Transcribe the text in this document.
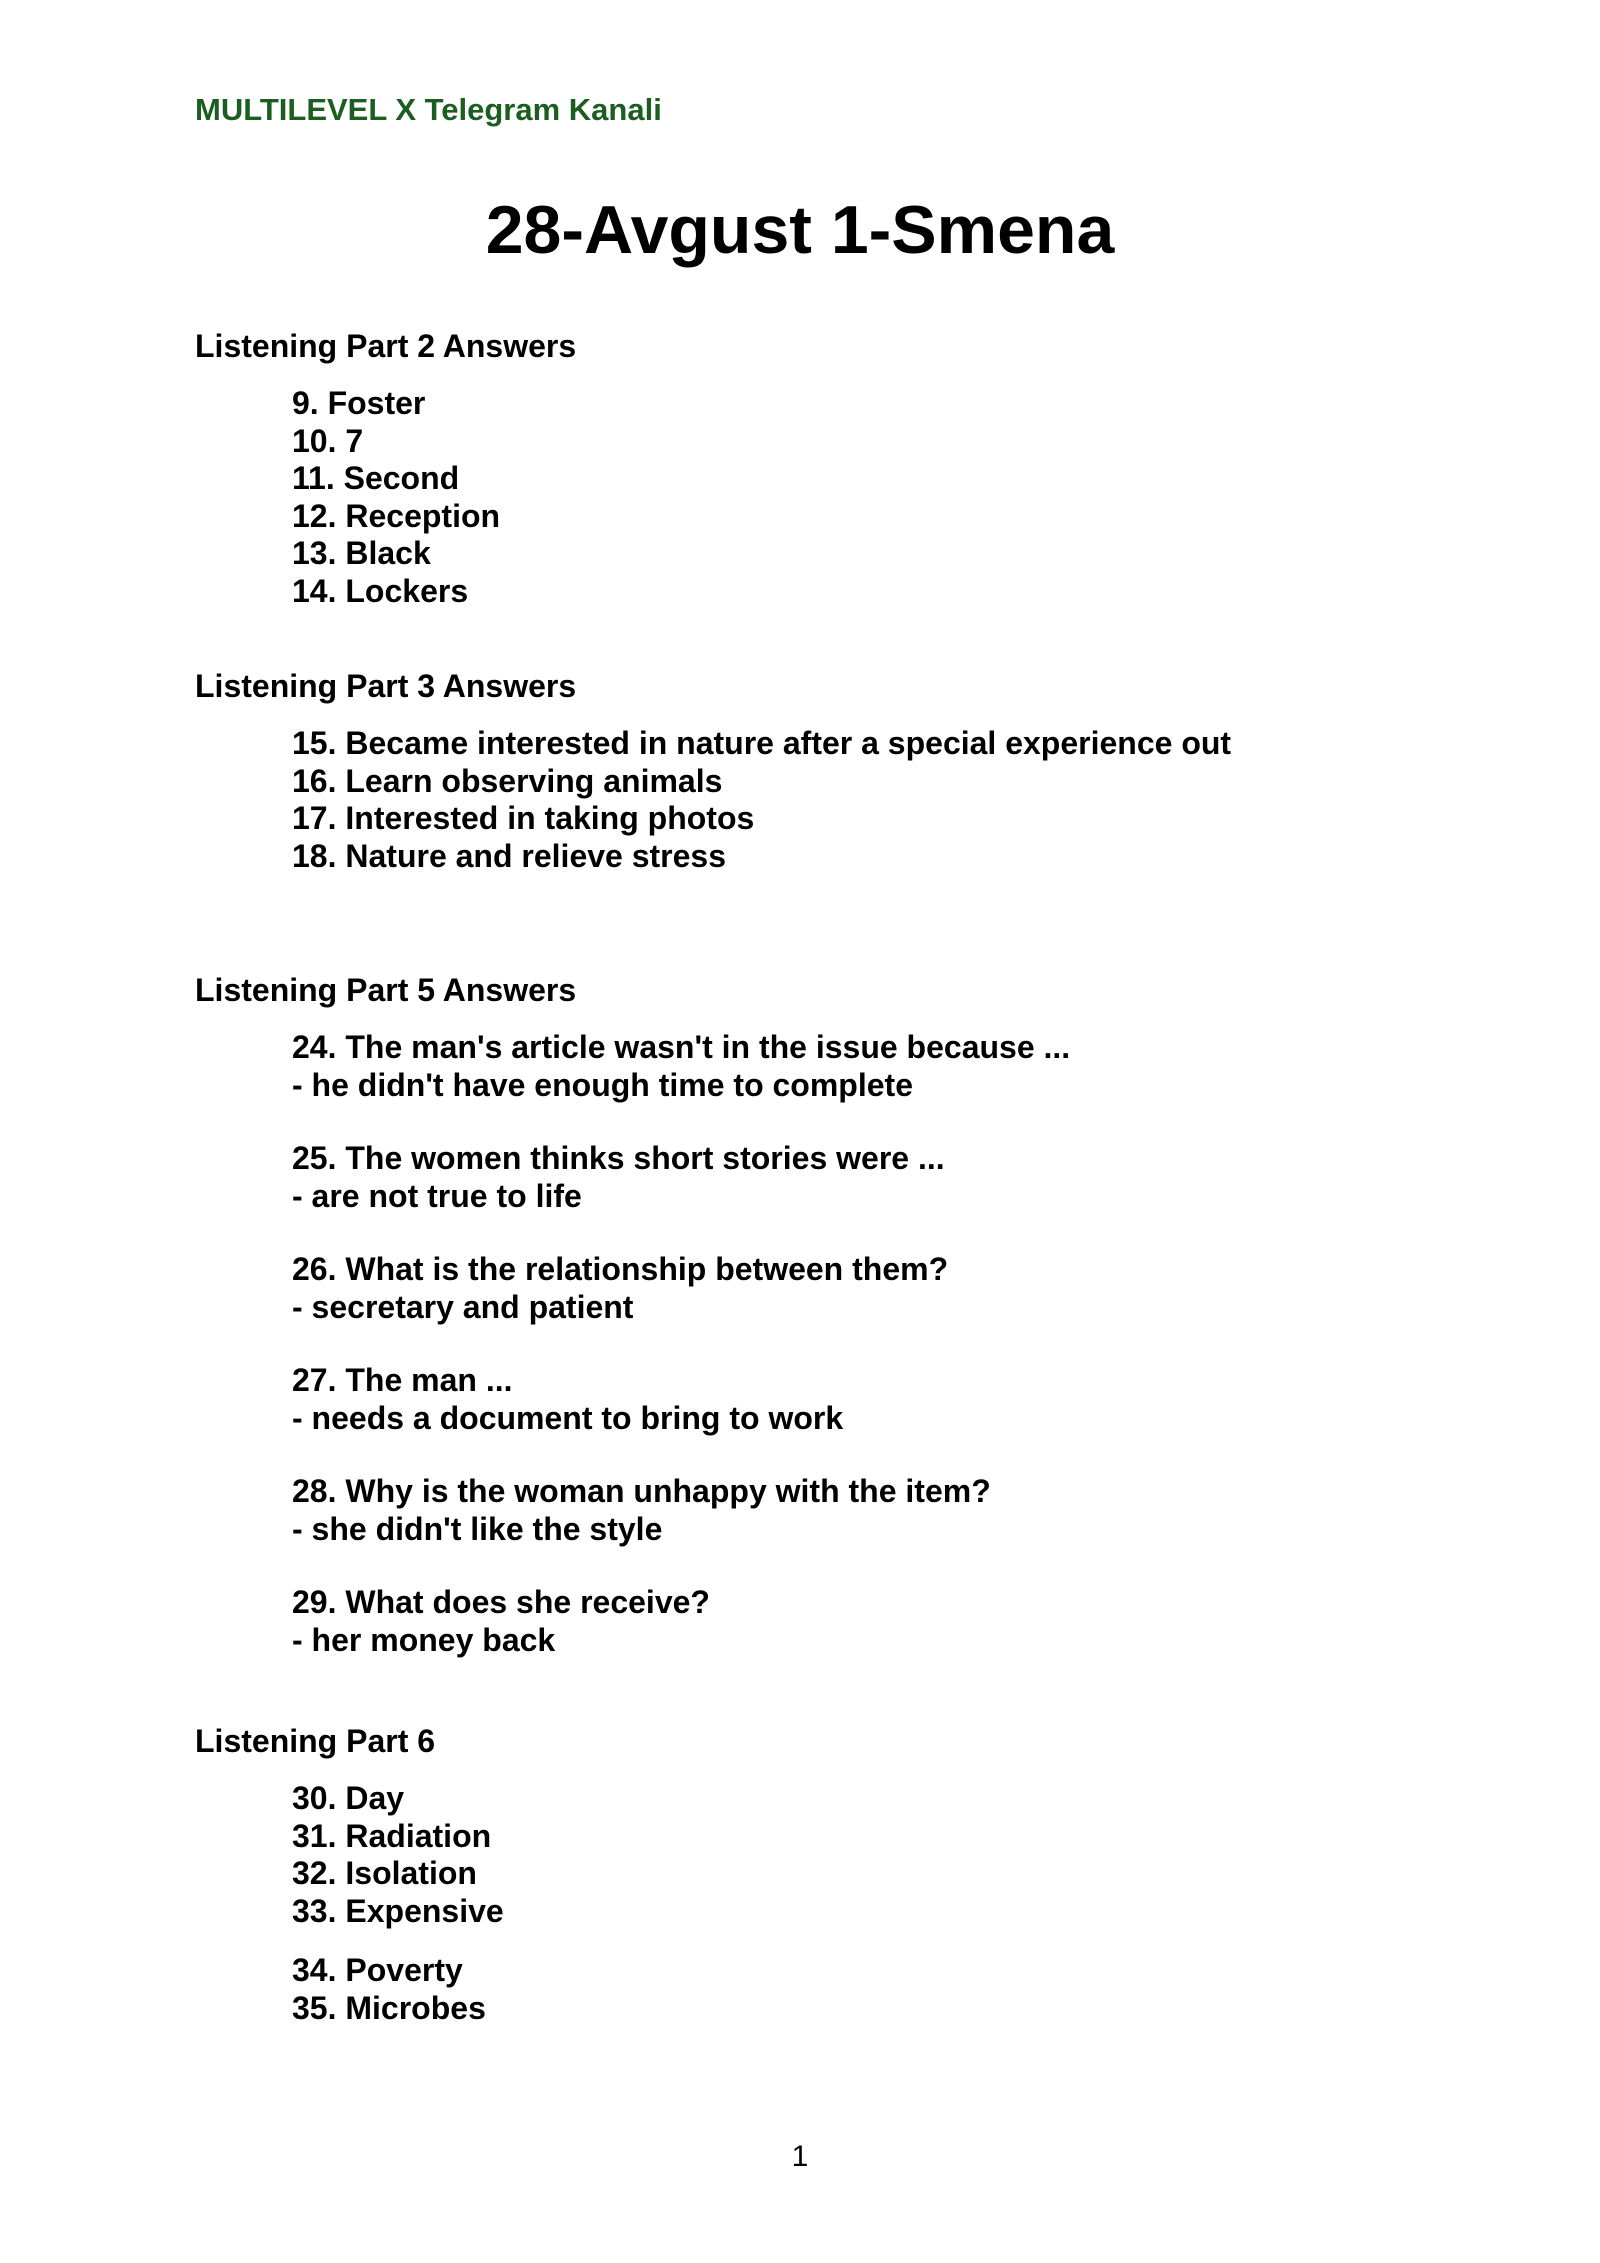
MULTILEVEL X Telegram Kanali
28-Avgust 1-Smena

Listening Part 2 Answers

9. Foster
10. 7
11. Second
12. Reception
13. Black
14. Lockers

Listening Part 3 Answers

15. Became interested in nature after a special experience out
16. Learn observing animals
17. Interested in taking photos
18. Nature and relieve stress

Listening Part 5 Answers

24. The man's article wasn't in the issue because ...
- he didn't have enough time to complete
25. The women thinks short stories were ...
- are not true to life
26. What is the relationship between them?
- secretary and patient
27. The man ...
- needs a document to bring to work
28. Why is the woman unhappy with the item?
- she didn't like the style
29. What does she receive?
- her money back

Listening Part 6

30. Day
31. Radiation
32. Isolation
33. Expensive
34. Poverty
35. Microbes
1
